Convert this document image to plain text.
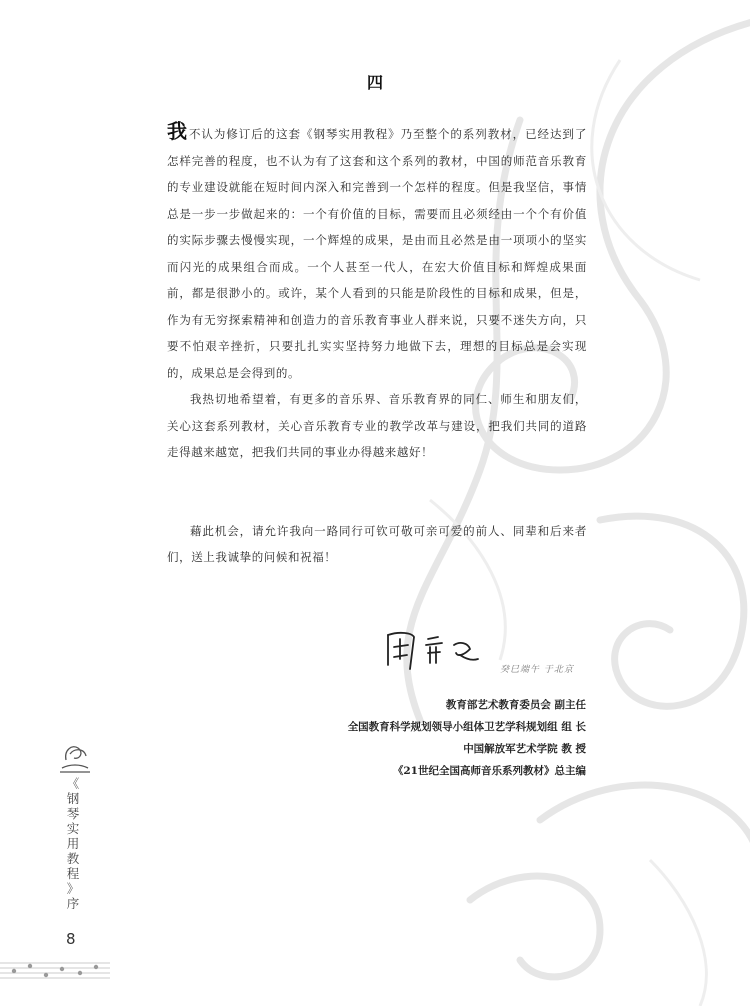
四

我不认为修订后的这套《钢琴实用教程》乃至整个的系列教材，已经达到了怎样完善的程度，也不认为有了这套和这个系列的教材，中国的师范音乐教育的专业建设就能在短时间内深入和完善到一个怎样的程度。但是我坚信，事情总是一步一步做起来的：一个有价值的目标，需要而且必须经由一个个有价值的实际步骤去慢慢实现，一个辉煌的成果，是由而且必然是由一项项小的坚实而闪光的成果组合而成。一个人甚至一代人，在宏大价值目标和辉煌成果面前，都是很渺小的。或许，某个人看到的只能是阶段性的目标和成果，但是，作为有无穷探索精神和创造力的音乐教育事业人群来说，只要不迷失方向，只要不怕艰辛挫折，只要扎扎实实坚持努力地做下去，理想的目标总是会实现的，成果总是会得到的。

我热切地希望着，有更多的音乐界、音乐教育界的同仁、师生和朋友们，关心这套系列教材，关心音乐教育专业的教学改革与建设，把我们共同的道路走得越来越宽，把我们共同的事业办得越来越好！

藉此机会，请允许我向一路同行可钦可敬可亲可爱的前人、同辈和后来者们，送上我诚挚的问候和祝福！

癸巳端午 于北京
教育部艺术教育委员会 副主任
全国教育科学规划领导小组体卫艺学科规划组 组 长
中国解放军艺术学院 教 授
《21世纪全国高师音乐系列教材》总主编
《
钢
琴
实
用
教
程
》
序
8
